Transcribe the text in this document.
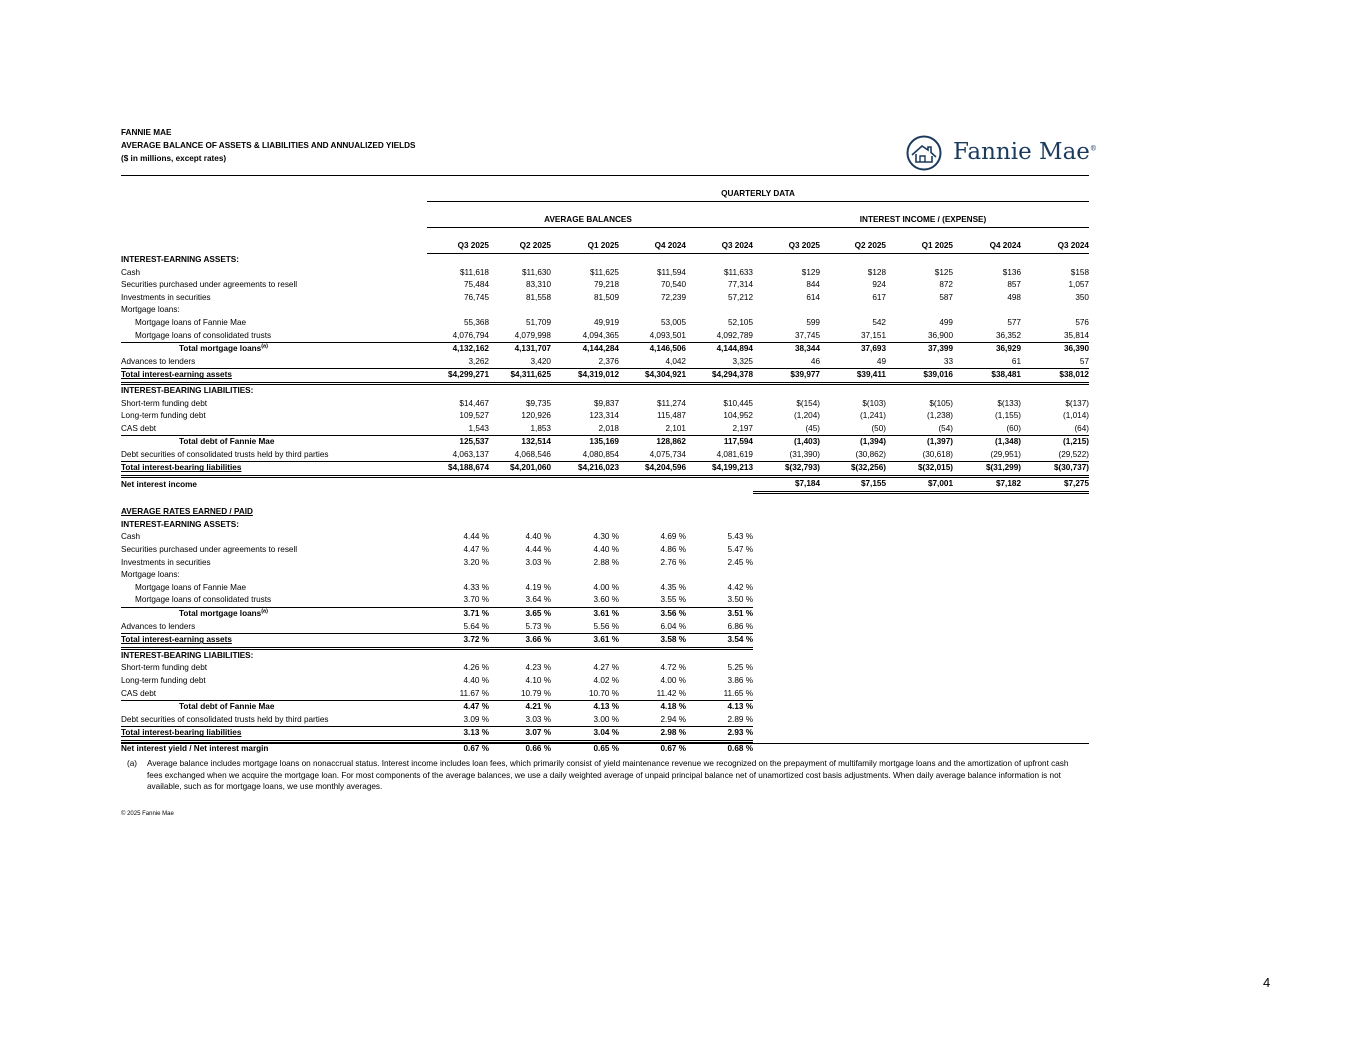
FANNIE MAE
AVERAGE BALANCE OF ASSETS & LIABILITIES AND ANNUALIZED YIELDS
($ in millions, except rates)	Fannie Mae®
	QUARTERLY DATA									

	AVERAGE BALANCES					INTEREST INCOME / (EXPENSE)				

	Q3 2025	Q2 2025	Q1 2025	Q4 2024	Q3 2024	Q3 2025	Q2 2025	Q1 2025	Q4 2024	Q3 2024
INTEREST-EARNING ASSETS:										
Cash	$11,618	$11,630	$11,625	$11,594	$11,633	$129	$128	$125	$136	$158
Securities purchased under agreements to resell	75,484	83,310	79,218	70,540	77,314	844	924	872	857	1,057
Investments in securities	76,745	81,558	81,509	72,239	57,212	614	617	587	498	350
Mortgage loans:										
Mortgage loans of Fannie Mae	55,368	51,709	49,919	53,005	52,105	599	542	499	577	576
Mortgage loans of consolidated trusts	4,076,794	4,079,998	4,094,365	4,093,501	4,092,789	37,745	37,151	36,900	36,352	35,814
Total mortgage loans$^{(a)}$	4,132,162	4,131,707	4,144,284	4,146,506	4,144,894	38,344	37,693	37,399	36,929	36,390
Advances to lenders	3,262	3,420	2,376	4,042	3,325	46	49	33	61	57
Total interest-earning assets	$4,299,271	$4,311,625	$4,319,012	$4,304,921	$4,294,378	$39,977	$39,411	$39,016	$38,481	$38,012
INTEREST-BEARING LIABILITIES:										
Short-term funding debt	$14,467	$9,735	$9,837	$11,274	$10,445	$(154)	$(103)	$(105)	$(133)	$(137)
Long-term funding debt	109,527	120,926	123,314	115,487	104,952	(1,204)	(1,241)	(1,238)	(1,155)	(1,014)
CAS debt	1,543	1,853	2,018	2,101	2,197	(45)	(50)	(54)	(60)	(64)
Total debt of Fannie Mae	125,537	132,514	135,169	128,862	117,594	(1,403)	(1,394)	(1,397)	(1,348)	(1,215)
Debt securities of consolidated trusts held by third parties	4,063,137	4,068,546	4,080,854	4,075,734	4,081,619	(31,390)	(30,862)	(30,618)	(29,951)	(29,522)
Total interest-bearing liabilities	$4,188,674	$4,201,060	$4,216,023	$4,204,596	$4,199,213	$(32,793)	$(32,256)	$(32,015)	$(31,299)	$(30,737)
Net interest income						$7,184	$7,155	$7,001	$7,182	$7,275

AVERAGE RATES EARNED / PAID										
INTEREST-EARNING ASSETS:										
Cash	4.44 %	4.40 %	4.30 %	4.69 %	5.43 %					
Securities purchased under agreements to resell	4.47 %	4.44 %	4.40 %	4.86 %	5.47 %					
Investments in securities	3.20 %	3.03 %	2.88 %	2.76 %	2.45 %					
Mortgage loans:										
Mortgage loans of Fannie Mae	4.33 %	4.19 %	4.00 %	4.35 %	4.42 %					
Mortgage loans of consolidated trusts	3.70 %	3.64 %	3.60 %	3.55 %	3.50 %					
Total mortgage loans$^{(a)}$	3.71 %	3.65 %	3.61 %	3.56 %	3.51 %					
Advances to lenders	5.64 %	5.73 %	5.56 %	6.04 %	6.86 %					
Total interest-earning assets	3.72 %	3.66 %	3.61 %	3.58 %	3.54 %					
INTEREST-BEARING LIABILITIES:										
Short-term funding debt	4.26 %	4.23 %	4.27 %	4.72 %	5.25 %					
Long-term funding debt	4.40 %	4.10 %	4.02 %	4.00 %	3.86 %					
CAS debt	11.67 %	10.79 %	10.70 %	11.42 %	11.65 %					
Total debt of Fannie Mae	4.47 %	4.21 %	4.13 %	4.18 %	4.13 %					
Debt securities of consolidated trusts held by third parties	3.09 %	3.03 %	3.00 %	2.94 %	2.89 %					
Total interest-bearing liabilities	3.13 %	3.07 %	3.04 %	2.98 %	2.93 %					
Net interest yield / Net interest margin	0.67 %	0.66 %	0.65 %	0.67 %	0.68 %					
(a)	Average balance includes mortgage loans on nonaccrual status. Interest income includes loan fees, which primarily consist of yield maintenance revenue we recognized on the prepayment of multifamily mortgage loans and the amortization of upfront cash fees exchanged when we acquire the mortgage loan. For most components of the average balances, we use a daily weighted average of unpaid principal balance net of unamortized cost basis adjustments. When daily average balance information is not available, such as for mortgage loans, we use monthly averages.
© 2025 Fannie Mae
4
